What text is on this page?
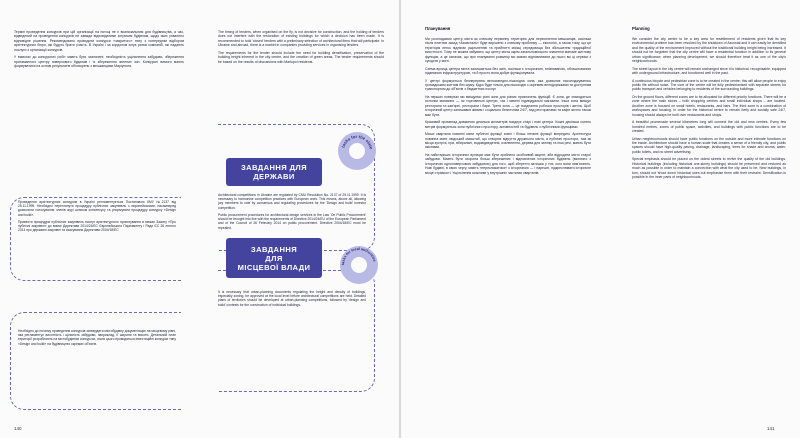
Термін проведення конкурсів при цій організації на потоці не є визначальним для будівництва, а час, відведений на проведення конкурсів не завжди відповідатиме існуючим будівлям, щодо яких ухвалено відповідне рішення. Рекомендовано проводити конкурси «закритого» типу з попереднім відбором архітектурних бюро, які будуть брати участь. В Україні і за кордоном існує ринок компаній, які надають послуги з організації конкурсів.

У вимогах до конкурсних робіт мають бути зазначені: необхідність ущільнення забудови, збереження притаманного центру поверхового будинків і їх збереження зелених зон. Конкурсні вимоги мають формуватися на основі результатів обговорень з мешканцями Маріуполя.

The timing of tenders, when organised on the fly, is not decisive for construction, and the holding of tenders does not interfere with the restoration of existing buildings for which a decision has been made. It is recommended to hold 'closed' tenders with a preliminary selection of architectural firms that will participate. In Ukraine and abroad, there is a market in companies providing services in organising tenders.

The requirements for the tender should include the need for building densification, preservation of the building height inherent in the city centre, and the creation of green areas. The tender requirements should be based on the results of discussions with Mariupol residents.

ЗАВДАННЯ ДЛЯ
ДЕРЖАВИ
tasks for the state

Проведення архітектурних конкурсів в Україні регламентується Постановою КМУ №2137 від 25.11.1999. Необхідно переглянути процедуру публічних закупівель з європейськими, насамперед дозволити голосування членів журі шляхом консенсусу та унормувати процедуру конкурсу «Design and build».

Привести процедури публічних закупівель послуг архітектурного проектування в межах Закону «Про публічні закупівлі» до вимог Директиви 2014/24/ЕС Європейського Парламенту і Ради ЄС 26 лютого 2014 про державні закупівлі та скасування Директиви 2004/18/ЕС

Architectural competitions in Ukraine are regulated by CMU Resolution No. 2137 of 25.11.1999. It is necessary to harmonise competition practices with European ones. This means, above all, allowing jury members to vote by consensus and regulating procedures for the 'Design and build' investor competition.

Public procurement procedures for architectural design services in the Law 'On Public Procurement' should be brought into line with the requirements of Directive 2014/24/EU of the European Parliament and of the Council of 26 February 2014 on public procurement. Directive 2004/18/EC must be repealed.

ЗАВДАННЯ
ДЛЯ
МІСЦЕВОЇ ВЛАДИ	tasks for local authorities

Необхідно до початку проведення конкурсів затвердити містобудівну документацію на місцевому рівні, яка регламентує висотність і щільність забудови, наприклад, її ширини та висоти. Детальний план території розробляють на містобудівних конкурсах, після цього проводяться інвестиційні конкурси типу «Design and build» на будівництво окремих об'єктів.

It is necessary that urban-planning documents regulating the height and density of buildings, especially zoning, be approved at the local level before architectural competitions are held. Detailed plans of territories should be developed at urban-planning competitions, followed by 'design and build' contests for the construction of individual buildings.

140
Планування	Planning

Ми розглядаємо центр міста як ключову первинну територію для переселення мешканців, оскільки після плитних засад «Азовсталь» буде вирішено з ключову проблему — екологію, а також тому, що це територія легко підлягає ущільненню та прийнятті місяці середовища без збільшення традиційної висотності. Тому не можна забувати, що центр міста окрім загальноміського значення матиме житлову функцію, а це означає, що при плануванні розвитку ми маємо відновлювати до нього всі ці сервіси з сусідств у місті.

Схема вулиць центра міста залишається без змін, оскільки є історичною, впізнаваною, облаштованою підземною інфраструктурою, та й просто вона добре функціонувала.

У центрі формується безперервна велосипедно-пішохідна зона, яка дозволяє насолоджуватись громадським життям без шуму. Кдро буде тільки для пішоходів з окремим велодоріжками та доступним транспортом до об'єктів з бюджетних послуг.

На перших поверхах ми вміщуємо різні зони для різних призначень функцій. Є зона, де знаходяться ослонки магазини — як торговельні центри, так і мекені індивідуальні магазини. Інша зона вміщує ресторани та кав'ярні, ресторани і бари. Третя зона — це поєднання робочих просторів і житла. Щоб історичний центр залишався живим і соціально безпечним 24/7, над ресторанами та кафе житло також має бути.

Красивий променад довжиною декілька кілометрів поєднує старі і нові центри. Кожні декілька сотень метрів формуються зони публічного простору, активностей та будівель з публічними функціями.

Міські квартали повинні мати публічні функції зовні і більш інтимні функції всередині. Архітектура повинна мати людський масштаб, що створює відчуття дружнього міста, а публічні простори, такі як місця зустрічі, ігри, вбиральні, водовідведення, озеленення, дерева для затінку та інші речі, мають бути якісними.

На найстаріших історичних вулицях має бути зроблено особливий акцент, аби відродити місто старої забудови. Мають бути охорона більш збережених і відновлених історичних будівель (включно з історичною одноповерховою забудовою) для того, щоб зберегти затишок у тих, кого вони пам'ятають. Нові будівлі, в свою чергу, мають «перекликатися» з історичною — і нарешті, підкреслювати історичне місце стрімкості. Ущільнення можливе у внутрішніх частинах кварталів.

We consider the city centre to be a key area for resettlement of residents given that its key environmental problem has been resolved by the shutdown of Azovstal and it can easily be densified and the quality of the environment improved without the traditional building height being increased. It should not be forgotten that the city centre will have a residential function in addition to its general urban significance; when planning development, we should therefore treat it as one of the city's neighbourhoods.

The street layout in the city centre will remain unchanged since it is historical, recognisable, equipped with underground infrastructure, and functioned well in the past.

A continuous bicycle and pedestrian zone is to be created in the centre; this will allow people to enjoy public life without noise. The core of the centre will be fully pedestrianised with separate streets for public transport and vehicles belonging to residents of the surrounding buildings.

On the ground floors, different zones are to be allocated for different priority functions. There will be a zone where the main stores – both shopping centres and small individual shops – are located. Another zone is focused on small hotels, restaurants, and bars. The third zone is a combination of workspaces and housing. In order for the historical centre to remain lively and socially safe 24/7, housing should always be built over restaurants and shops.

A beautiful promenade several kilometres long will connect the old and new centres. Every few hundred metres, zones of public space, activities, and buildings with public functions are to be created.

Urban neighbourhoods should have public functions on the outside and more intimate functions on the inside. Architecture should have a human scale that creates a sense of a friendly city, and public spaces should have high-quality paving, drainage, landscaping, trees for shade and aroma, water, public toilets, and no street advertising.

Special emphasis should be placed on the oldest streets to revive the quality of the old buildings. Historical buildings (including historical one-storey buildings) should be preserved and restored as much as possible in order to maintain a connection with what the city used to be. New buildings, in turn, should not 'shout down' historical ones but emphasise them with their restraint. Densification is possible in the inner parts of neighbourhoods.

141
